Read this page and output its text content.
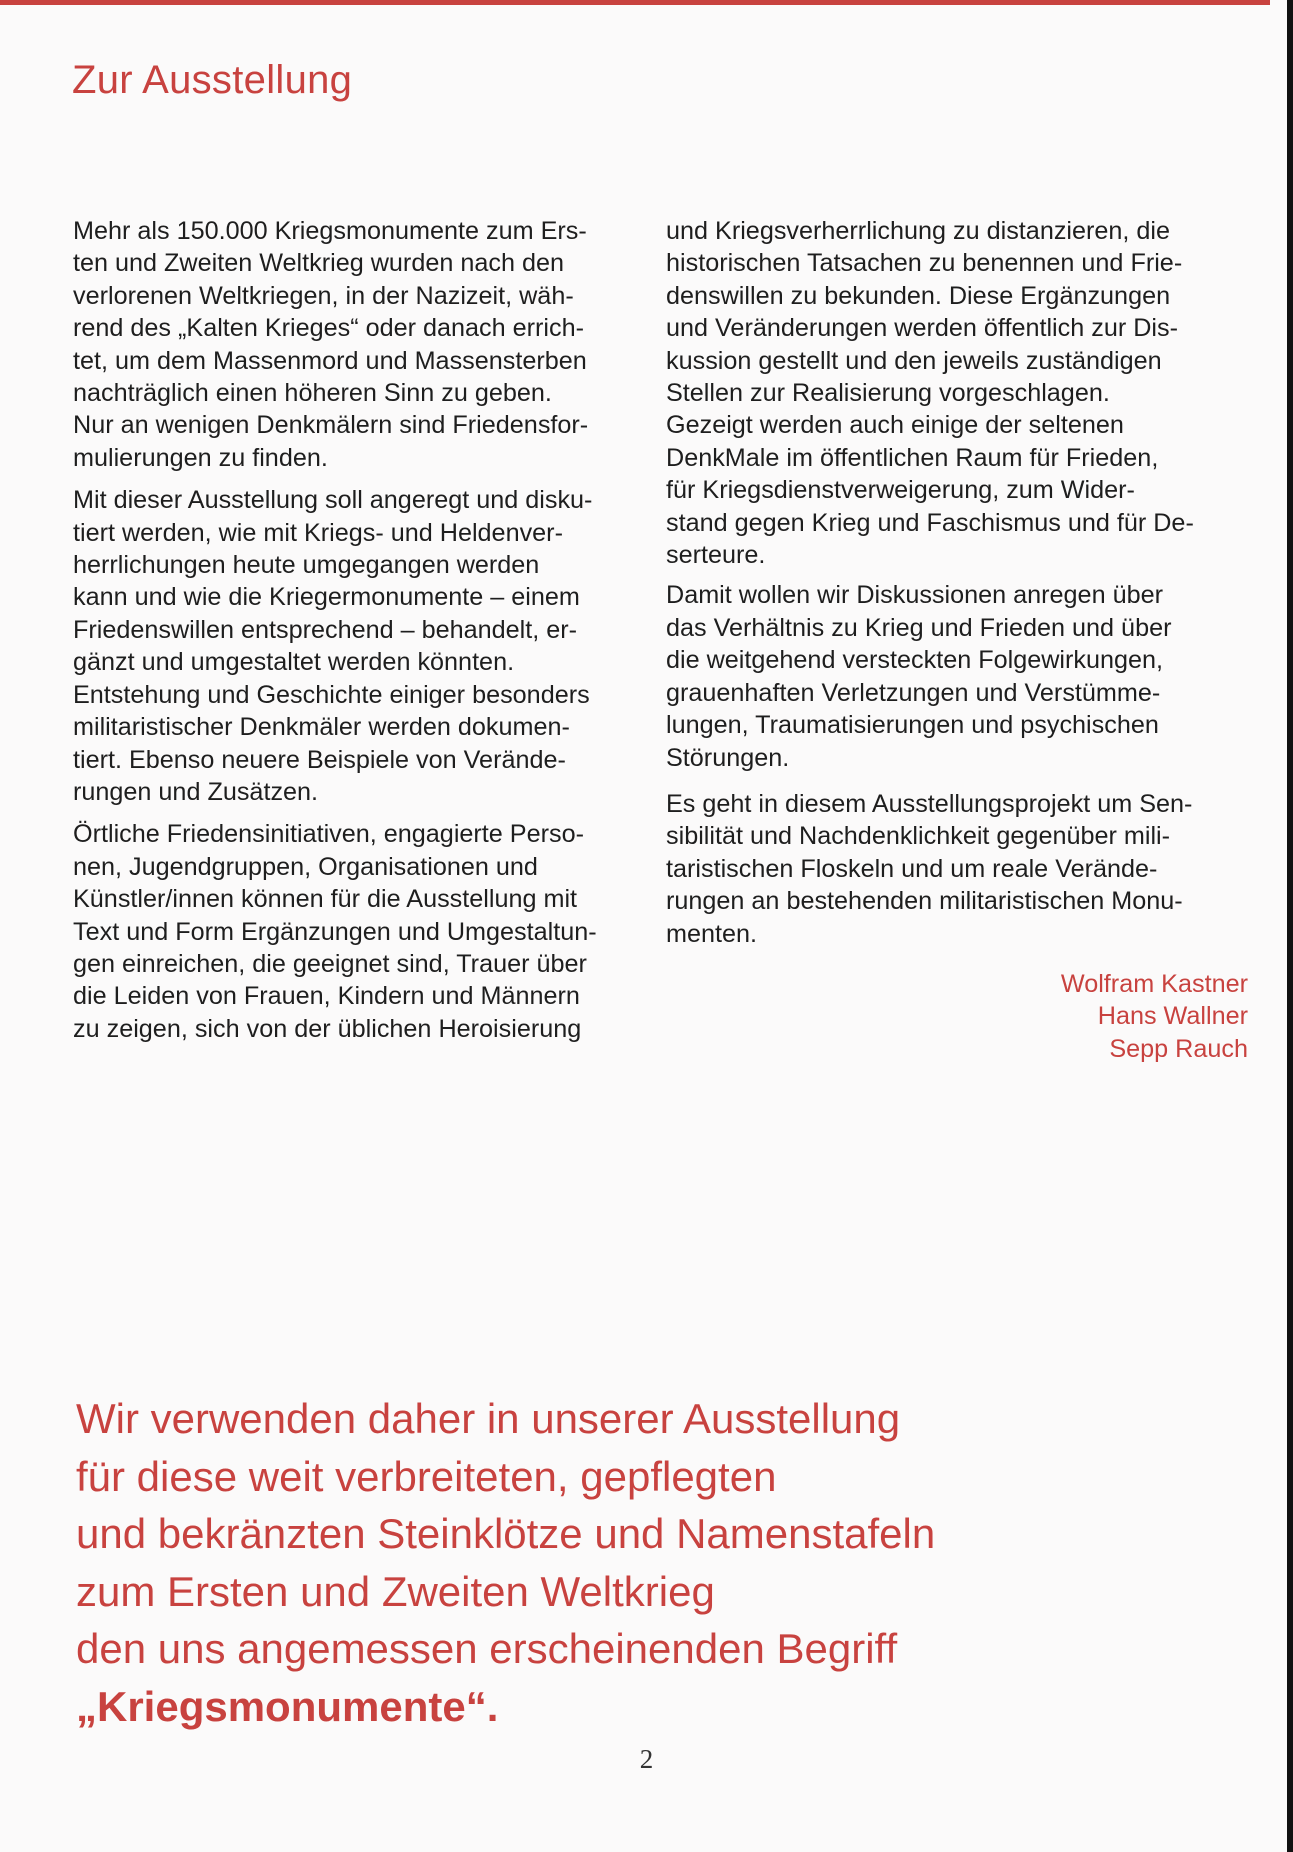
Zur Ausstellung

Mehr als 150.000 Kriegsmonumente zum Ers-
ten und Zweiten Weltkrieg wurden nach den
verlorenen Weltkriegen, in der Nazizeit, wäh-
rend des „Kalten Krieges“ oder danach errich-
tet, um dem Massenmord und Massensterben
nachträglich einen höheren Sinn zu geben.
Nur an wenigen Denkmälern sind Friedensfor-
mulierungen zu finden.

Mit dieser Ausstellung soll angeregt und disku-
tiert werden, wie mit Kriegs- und Heldenver-
herrlichungen heute umgegangen werden
kann und wie die Kriegermonumente – einem
Friedenswillen entsprechend – behandelt, er-
gänzt und umgestaltet werden könnten.
Entstehung und Geschichte einiger besonders
militaristischer Denkmäler werden dokumen-
tiert. Ebenso neuere Beispiele von Verände-
rungen und Zusätzen.

Örtliche Friedensinitiativen, engagierte Perso-
nen, Jugendgruppen, Organisationen und
Künstler/innen können für die Ausstellung mit
Text und Form Ergänzungen und Umgestaltun-
gen einreichen, die geeignet sind, Trauer über
die Leiden von Frauen, Kindern und Männern
zu zeigen, sich von der üblichen Heroisierung

und Kriegsverherrlichung zu distanzieren, die
historischen Tatsachen zu benennen und Frie-
denswillen zu bekunden. Diese Ergänzungen
und Veränderungen werden öffentlich zur Dis-
kussion gestellt und den jeweils zuständigen
Stellen zur Realisierung vorgeschlagen.
Gezeigt werden auch einige der seltenen
DenkMale im öffentlichen Raum für Frieden,
für Kriegsdienstverweigerung, zum Wider-
stand gegen Krieg und Faschismus und für De-
serteure.

Damit wollen wir Diskussionen anregen über
das Verhältnis zu Krieg und Frieden und über
die weitgehend versteckten Folgewirkungen,
grauenhaften Verletzungen und Verstümme-
lungen, Traumatisierungen und psychischen
Störungen.

Es geht in diesem Ausstellungsprojekt um Sen-
sibilität und Nachdenklichkeit gegenüber mili-
taristischen Floskeln und um reale Verände-
rungen an bestehenden militaristischen Monu-
menten.

Wolfram Kastner
Hans Wallner
Sepp Rauch
Wir verwenden daher in unserer Ausstellung
für diese weit verbreiteten, gepflegten
und bekränzten Steinklötze und Namenstafeln
zum Ersten und Zweiten Weltkrieg
den uns angemessen erscheinenden Begriff
„Kriegsmonumente“.
2
